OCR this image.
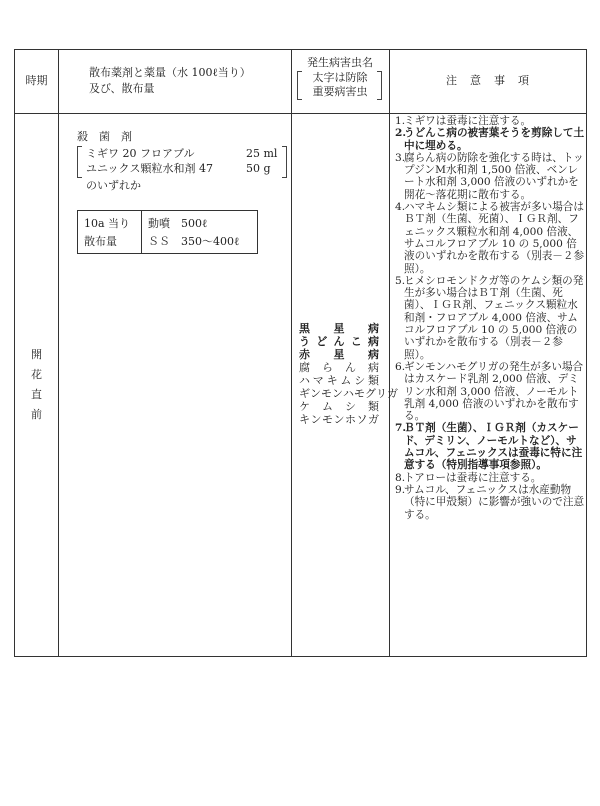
時期
散布薬剤と薬量（水 100ℓ当り）
及び、散布量
発生病害虫名
太字は防除
重要病害虫
注　意　事　項
開
花
直
前
殺　菌　剤
ミギワ 20 フロアブル	25 ml
ユニックス顆粒水和剤 47	50 g
のいずれか
10a 当り
散布量
動噴　500ℓ
ＳＳ　350～400ℓ
黒 星 病
う ど ん こ 病
赤 星 病
腐 ら ん 病
ハ マ キ ム シ 類
ギ ン モ ン ハ モ グ リ ガ
ケ ム シ 類
キ ン モ ン ホ ソ ガ
1.
ミギワは蚕毒に注意する。
2.
うどんこ病の被害葉そうを剪除して土中に埋める。
3.
腐らん病の防除を強化する時は、トップジンM水和剤 1,500 倍液、ベンレート水和剤 3,000 倍液のいずれかを開花～落花期に散布する。
4.
ハマキムシ類による被害が多い場合はＢＴ剤（生菌、死菌）、ＩＧＲ剤、フェニックス顆粒水和剤 4,000 倍液、サムコルフロアブル 10 の 5,000 倍液のいずれかを散布する（別表－２参照）。
5.
ヒメシロモンドクガ等のケムシ類の発生が多い場合はＢＴ剤（生菌、死菌）、ＩＧＲ剤、フェニックス顆粒水和剤・フロアブル 4,000 倍液、サムコルフロアブル 10 の 5,000 倍液のいずれかを散布する（別表－２参照）。
6.
ギンモンハモグリガの発生が多い場合はカスケード乳剤 2,000 倍液、デミリン水和剤 3,000 倍液、ノーモルト乳剤 4,000 倍液のいずれかを散布する。
7.
ＢＴ剤（生菌）、ＩＧＲ剤（カスケード、デミリン、ノーモルトなど）、サムコル、フェニックスは蚕毒に特に注意する（特別指導事項参照）。
8.
トアローは蚕毒に注意する。
9.
サムコル、フェニックスは水産動物（特に甲殻類）に影響が強いので注意する。
